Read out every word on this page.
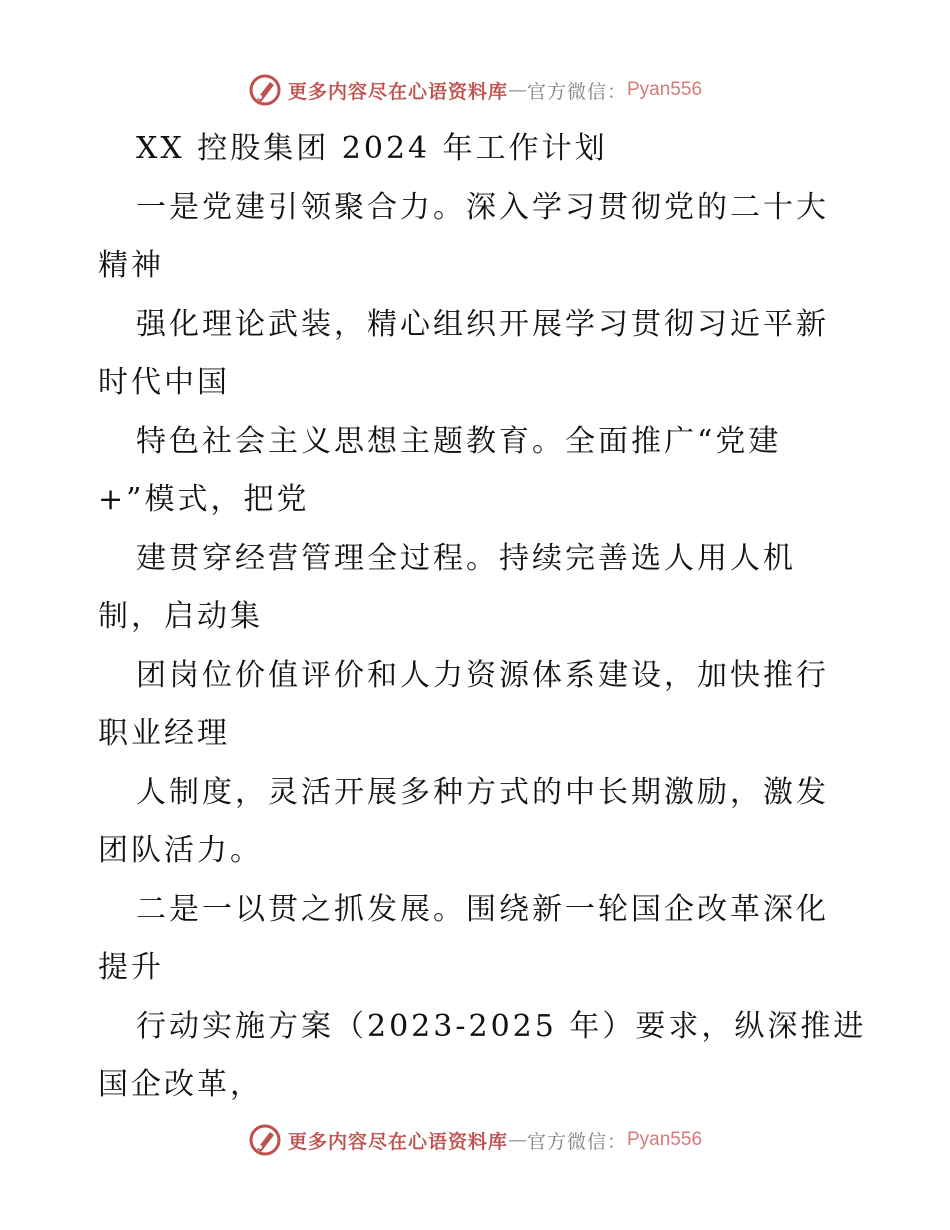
更多内容尽在心语资料库 — 官方微信： Pyan556
XX 控股集团 2024 年工作计划
一是党建引领聚合力。深入学习贯彻党的二十大
精神
强化理论武装，精心组织开展学习贯彻习近平新
时代中国
特色社会主义思想主题教育。全面推广“党建
+”模式，把党
建贯穿经营管理全过程。持续完善选人用人机
制，启动集
团岗位价值评价和人力资源体系建设，加快推行
职业经理
人制度，灵活开展多种方式的中长期激励，激发
团队活力。
二是一以贯之抓发展。围绕新一轮国企改革深化
提升
行动实施方案（2023-2025 年）要求，纵深推进
国企改革，
更多内容尽在心语资料库 — 官方微信： Pyan556
